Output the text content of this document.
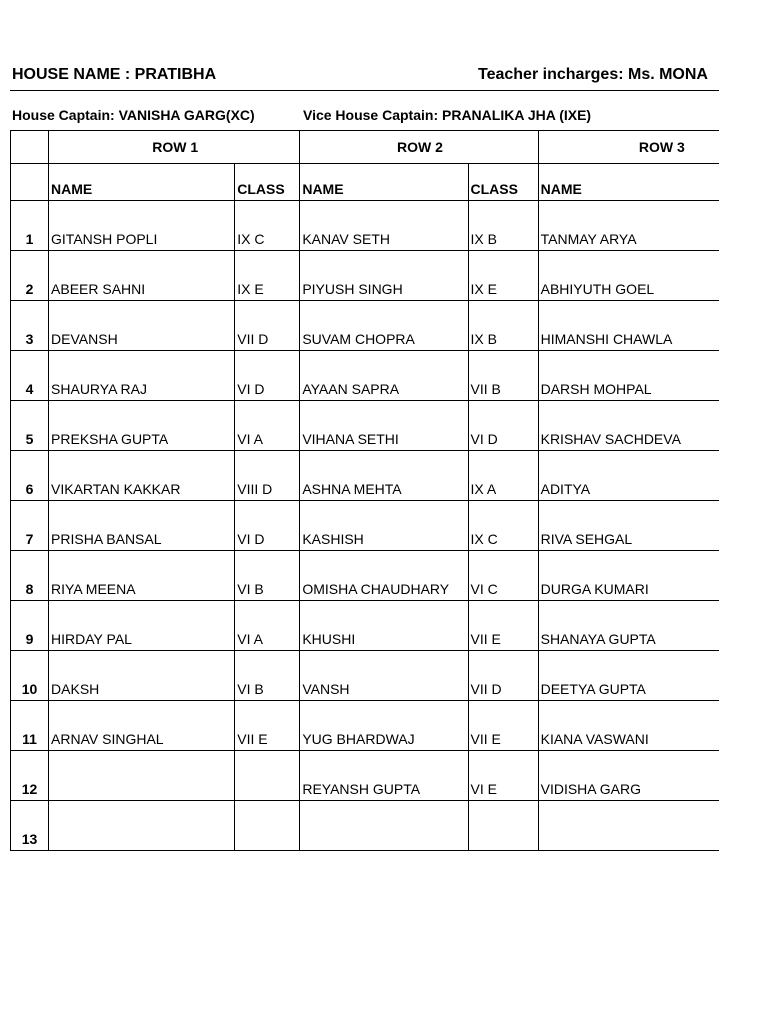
HOUSE NAME : PRATIBHA	Teacher incharges: Ms. MONA
House Captain: VANISHA GARG(XC)	Vice House Captain: PRANALIKA JHA (IXE)
	ROW 1		ROW 2		ROW 3	
	NAME	CLASS	NAME	CLASS	NAME	
1	GITANSH POPLI	IX C	KANAV SETH	IX B	TANMAY ARYA	
2	ABEER SAHNI	IX E	PIYUSH SINGH	IX E	ABHIYUTH GOEL	
3	DEVANSH	VII D	SUVAM CHOPRA	IX B	HIMANSHI CHAWLA	
4	SHAURYA RAJ	VI D	AYAAN SAPRA	VII B	DARSH MOHPAL	
5	PREKSHA GUPTA	VI A	VIHANA SETHI	VI D	KRISHAV SACHDEVA	
6	VIKARTAN KAKKAR	VIII D	ASHNA MEHTA	IX A	ADITYA	
7	PRISHA BANSAL	VI D	KASHISH	IX C	RIVA SEHGAL	
8	RIYA MEENA	VI B	OMISHA CHAUDHARY	VI C	DURGA KUMARI	
9	HIRDAY PAL	VI A	KHUSHI	VII E	SHANAYA GUPTA	
10	DAKSH	VI B	VANSH	VII D	DEETYA GUPTA	
11	ARNAV SINGHAL	VII E	YUG BHARDWAJ	VII E	KIANA VASWANI	
12			REYANSH GUPTA	VI E	VIDISHA GARG	
13						
